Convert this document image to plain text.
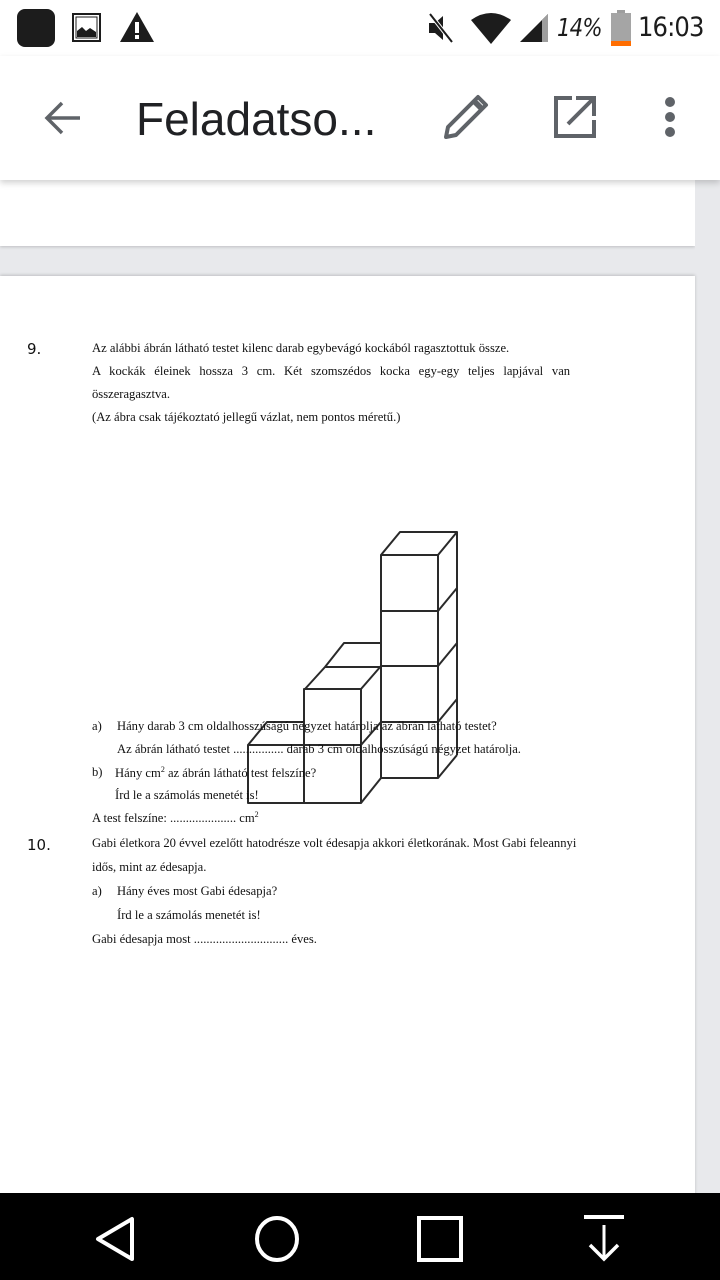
14% 16:03
Feladatso...
9.	Az alábbi ábrán látható testet kilenc darab egybevágó kockából ragasztottuk össze.
A kockák éleinek hossza 3 cm. Két szomszédos kocka egy-egy teljes lapjával van
összeragasztva.
(Az ábra csak tájékoztató jellegű vázlat, nem pontos méretű.)
a) Hány darab 3 cm oldalhosszúságú négyzet határolja az ábrán látható testet?
Az ábrán látható testet ................ darab 3 cm oldalhosszúságú négyzet határolja.
b) Hány $cm^2$ az ábrán látható test felszíne?
Írd le a számolás menetét is!
A test felszíne: ..................... $cm^2$
10.	Gabi életkora 20 évvel ezelőtt hatodrésze volt édesapja akkori életkorának. Most Gabi feleannyi
idős, mint az édesapja.
a) Hány éves most Gabi édesapja?
Írd le a számolás menetét is!
Gabi édesapja most .............................. éves.
